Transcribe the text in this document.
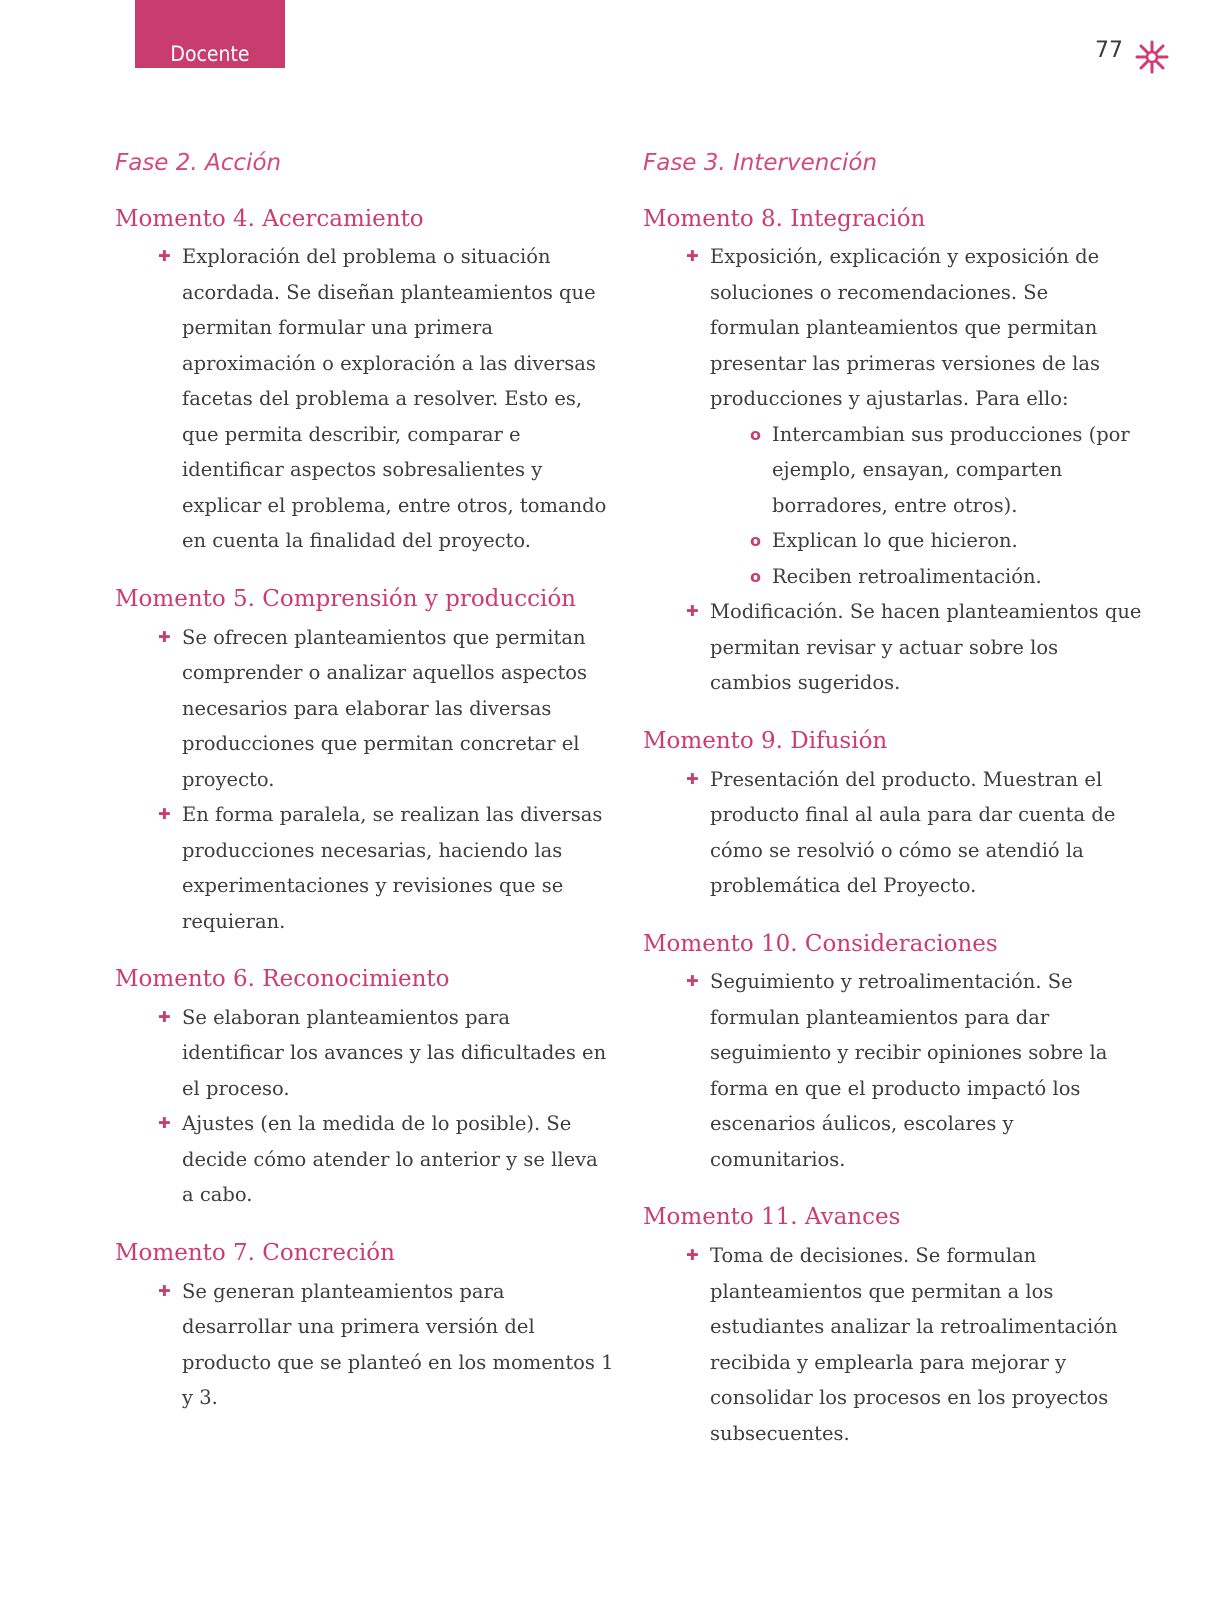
Docente	77
Fase 2. Acción
Momento 4. Acercamiento
✚ Exploración del problema o situación acordada. Se diseñan planteamientos que permitan formular una primera aproximación o exploración a las diversas facetas del problema a resolver. Esto es, que permita describir, comparar e identificar aspectos sobresalientes y explicar el problema, entre otros, tomando en cuenta la finalidad del proyecto.
Momento 5. Comprensión y producción
✚ Se ofrecen planteamientos que permitan comprender o analizar aquellos aspectos necesarios para elaborar las diversas producciones que permitan concretar el proyecto.
✚ En forma paralela, se realizan las diversas producciones necesarias, haciendo las experimentaciones y revisiones que se requieran.
Momento 6. Reconocimiento
✚ Se elaboran planteamientos para identificar los avances y las dificultades en el proceso.
✚ Ajustes (en la medida de lo posible). Se decide cómo atender lo anterior y se lleva a cabo.
Momento 7. Concreción
✚ Se generan planteamientos para desarrollar una primera versión del producto que se planteó en los momentos 1 y 3.
Fase 3. Intervención
Momento 8. Integración
✚ Exposición, explicación y exposición de soluciones o recomendaciones. Se formulan planteamientos que permitan presentar las primeras versiones de las producciones y ajustarlas. Para ello:
o Intercambian sus producciones (por ejemplo, ensayan, comparten borradores, entre otros).
o Explican lo que hicieron.
o Reciben retroalimentación.
✚ Modificación. Se hacen planteamientos que permitan revisar y actuar sobre los cambios sugeridos.
Momento 9. Difusión
✚ Presentación del producto. Muestran el producto final al aula para dar cuenta de cómo se resolvió o cómo se atendió la problemática del Proyecto.
Momento 10. Consideraciones
✚ Seguimiento y retroalimentación. Se formulan planteamientos para dar seguimiento y recibir opiniones sobre la forma en que el producto impactó los escenarios áulicos, escolares y comunitarios.
Momento 11. Avances
✚ Toma de decisiones. Se formulan planteamientos que permitan a los estudiantes analizar la retroalimentación recibida y emplearla para mejorar y consolidar los procesos en los proyectos subsecuentes.
